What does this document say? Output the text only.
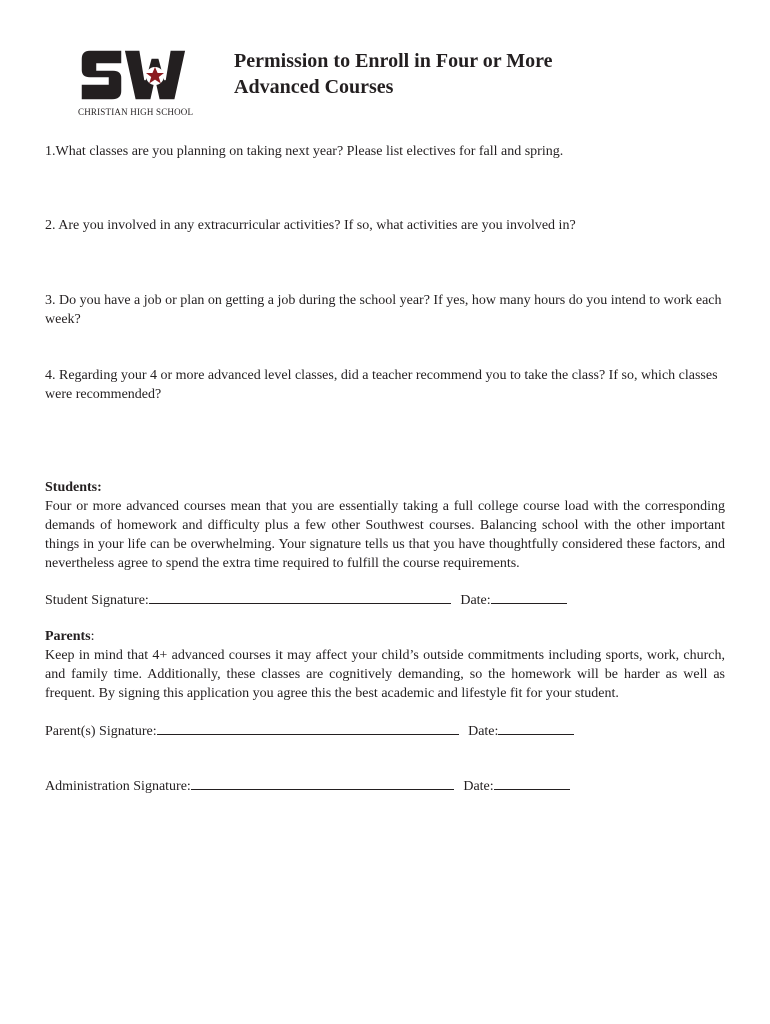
CHRISTIAN HIGH SCHOOL
Permission to Enroll in Four or More
Advanced Courses
1.What classes are you planning on taking next year? Please list electives for fall and spring.
2. Are you involved in any extracurricular activities? If so, what activities are you involved in?
3. Do you have a job or plan on getting a job during the school year? If yes, how many hours do you intend to work each week?
4. Regarding your 4 or more advanced level classes, did a teacher recommend you to take the class? If so, which classes were recommended?
Students:
Four or more advanced courses mean that you are essentially taking a full college course load with the corresponding demands of homework and difficulty plus a few other Southwest courses. Balancing school with the other important things in your life can be overwhelming. Your signature tells us that you have thoughtfully considered these factors, and nevertheless agree to spend the extra time required to fulfill the course requirements.
Student Signature:	Date:
Parents:
Keep in mind that 4+ advanced courses it may affect your child’s outside commitments including sports, work, church, and family time. Additionally, these classes are cognitively demanding, so the homework will be harder as well as frequent. By signing this application you agree this the best academic and lifestyle fit for your student.
Parent(s) Signature:	Date:
Administration Signature:	Date:
